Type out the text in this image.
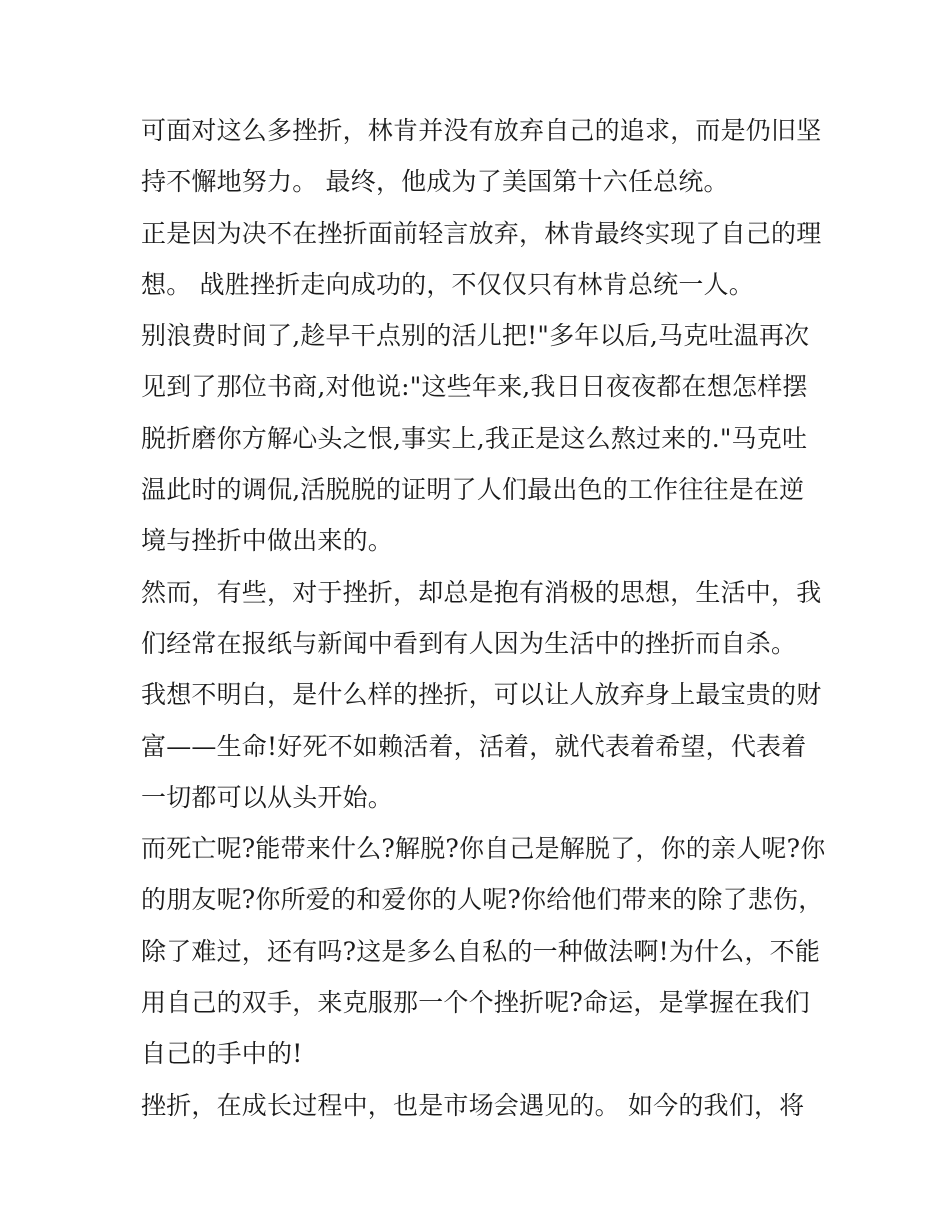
可面对这么多挫折，林肯并没有放弃自己的追求，而是仍旧坚
持不懈地努力。 最终，他成为了美国第十六任总统。

正是因为决不在挫折面前轻言放弃，林肯最终实现了自己的理
想。 战胜挫折走向成功的，不仅仅只有林肯总统一人。

别浪费时间了,趁早干点别的活儿把!"多年以后,马克吐温再次
见到了那位书商,对他说:"这些年来,我日日夜夜都在想怎样摆
脱折磨你方解心头之恨,事实上,我正是这么熬过来的."马克吐
温此时的调侃,活脱脱的证明了人们最出色的工作往往是在逆
境与挫折中做出来的。

然而，有些，对于挫折，却总是抱有消极的思想，生活中，我
们经常在报纸与新闻中看到有人因为生活中的挫折而自杀。

我想不明白，是什么样的挫折，可以让人放弃身上最宝贵的财
富——生命!好死不如赖活着，活着，就代表着希望，代表着
一切都可以从头开始。

而死亡呢?能带来什么?解脱?你自己是解脱了，你的亲人呢?你
的朋友呢?你所爱的和爱你的人呢?你给他们带来的除了悲伤，
除了难过，还有吗?这是多么自私的一种做法啊!为什么，不能
用自己的双手，来克服那一个个挫折呢?命运，是掌握在我们
自己的手中的!

挫折，在成长过程中，也是市场会遇见的。 如今的我们，将
